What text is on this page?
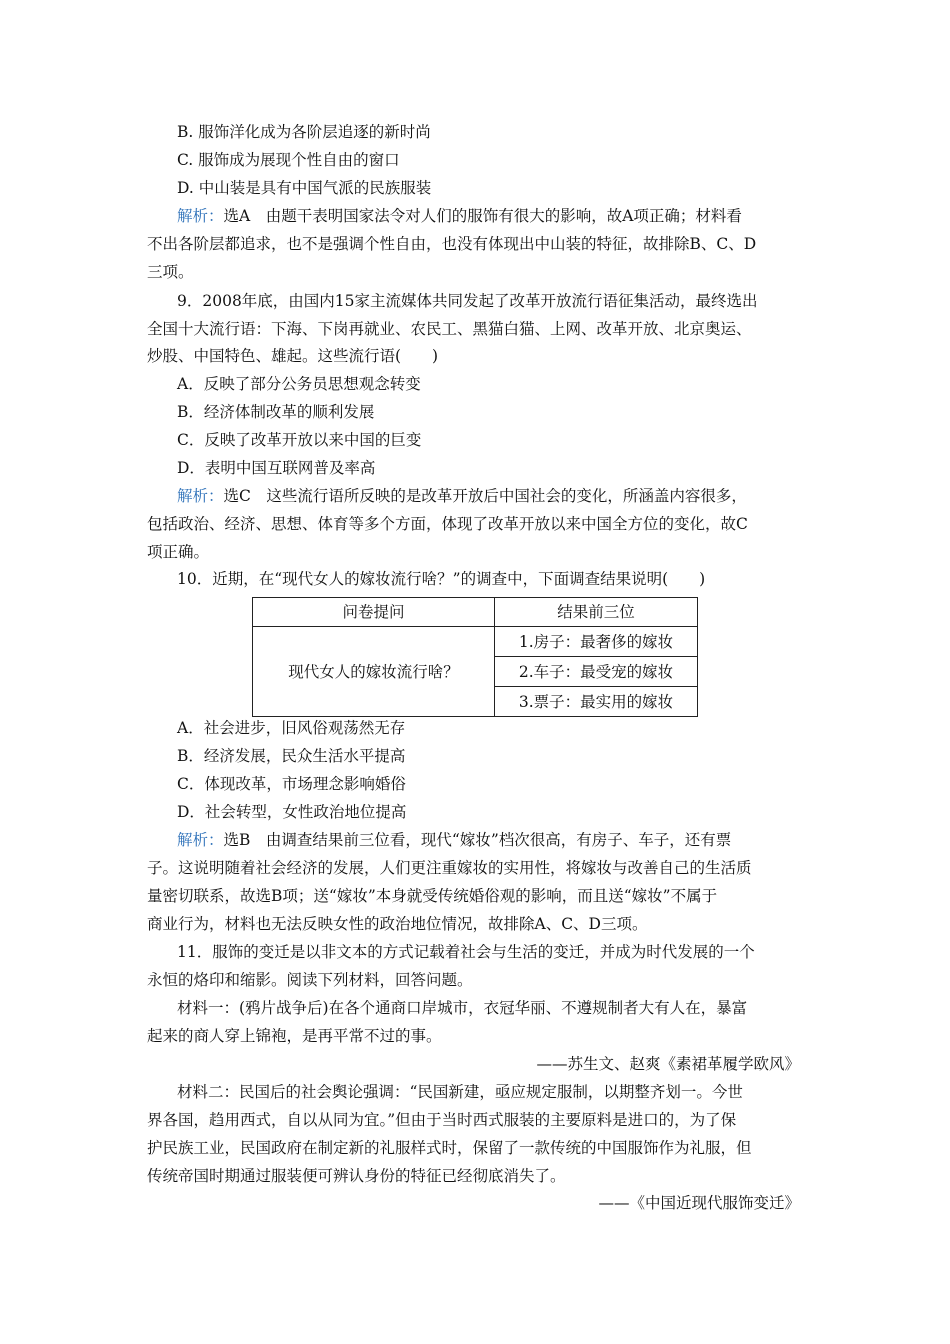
B. 服饰洋化成为各阶层追逐的新时尚
C. 服饰成为展现个性自由的窗口
D. 中山装是具有中国气派的民族服装
解析：选A　由题干表明国家法令对人们的服饰有很大的影响，故A项正确；材料看
不出各阶层都追求，也不是强调个性自由，也没有体现出中山装的特征，故排除B、C、D
三项。
9．2008年底，由国内15家主流媒体共同发起了改革开放流行语征集活动，最终选出
全国十大流行语：下海、下岗再就业、农民工、黑猫白猫、上网、改革开放、北京奥运、
炒股、中国特色、雄起。这些流行语(　　)
A．反映了部分公务员思想观念转变
B．经济体制改革的顺利发展
C．反映了改革开放以来中国的巨变
D．表明中国互联网普及率高
解析：选C　这些流行语所反映的是改革开放后中国社会的变化，所涵盖内容很多，
包括政治、经济、思想、体育等多个方面，体现了改革开放以来中国全方位的变化，故C
项正确。
10．近期，在“现代女人的嫁妆流行啥？”的调查中，下面调查结果说明(　　)
问卷提问	结果前三位
现代女人的嫁妆流行啥？	1.房子：最奢侈的嫁妆
	2.车子：最受宠的嫁妆
	3.票子：最实用的嫁妆
A．社会进步，旧风俗观荡然无存
B．经济发展，民众生活水平提高
C．体现改革，市场理念影响婚俗
D．社会转型，女性政治地位提高
解析：选B　由调查结果前三位看，现代“嫁妆”档次很高，有房子、车子，还有票
子。这说明随着社会经济的发展，人们更注重嫁妆的实用性，将嫁妆与改善自己的生活质
量密切联系，故选B项；送“嫁妆”本身就受传统婚俗观的影响，而且送“嫁妆”不属于
商业行为，材料也无法反映女性的政治地位情况，故排除A、C、D三项。
11．服饰的变迁是以非文本的方式记载着社会与生活的变迁，并成为时代发展的一个
永恒的烙印和缩影。阅读下列材料，回答问题。
材料一：(鸦片战争后)在各个通商口岸城市，衣冠华丽、不遵规制者大有人在，暴富
起来的商人穿上锦袍，是再平常不过的事。
——苏生文、赵爽《素裙革履学欧风》
材料二：民国后的社会舆论强调：“民国新建，亟应规定服制，以期整齐划一。今世
界各国，趋用西式，自以从同为宜。”但由于当时西式服装的主要原料是进口的，为了保
护民族工业，民国政府在制定新的礼服样式时，保留了一款传统的中国服饰作为礼服，但
传统帝国时期通过服装便可辨认身份的特征已经彻底消失了。
——《中国近现代服饰变迁》
